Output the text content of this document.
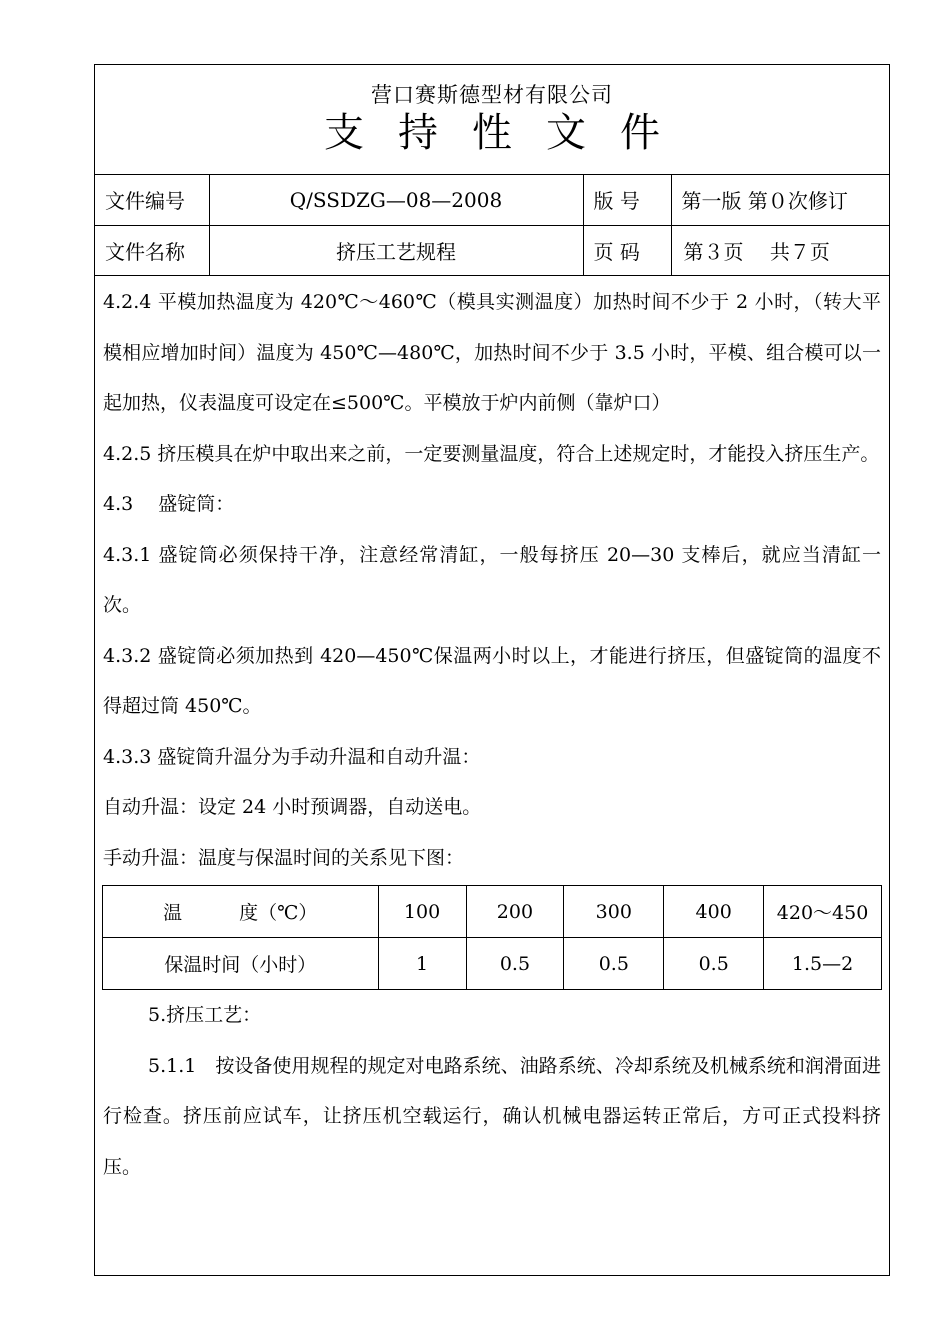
营口赛斯德型材有限公司
支持性文件
文件编号	Q/SSDZG—08—2008	版 号	第一版 第０次修订
文件名称	挤压工艺规程	页 码	第３页　 共７页

4.2.4 平模加热温度为 420℃～460℃（模具实测温度）加热时间不少于 2 小时，（转大平模相应增加时间）温度为 450℃—480℃，加热时间不少于 3.5 小时，平模、组合模可以一起加热，仪表温度可设定在≤500℃。平模放于炉内前侧（靠炉口）

4.2.5 挤压模具在炉中取出来之前，一定要测量温度，符合上述规定时，才能投入挤压生产。

4.3　 盛锭筒：

4.3.1 盛锭筒必须保持干净，注意经常清缸，一般每挤压 20—30 支棒后，就应当清缸一次。

4.3.2 盛锭筒必须加热到 420—450℃保温两小时以上，才能进行挤压，但盛锭筒的温度不得超过筒 450℃。

4.3.3 盛锭筒升温分为手动升温和自动升温：

自动升温：设定 24 小时预调器，自动送电。

手动升温：温度与保温时间的关系见下图：

温　　　度（℃）	100	200	300	400	420～450
保温时间（小时）	1	0.5	0.5	0.5	1.5—2

5.挤压工艺：

5.1.1　按设备使用规程的规定对电路系统、油路系统、冷却系统及机械系统和润滑面进行检查。挤压前应试车，让挤压机空载运行，确认机械电器运转正常后，方可正式投料挤压。
